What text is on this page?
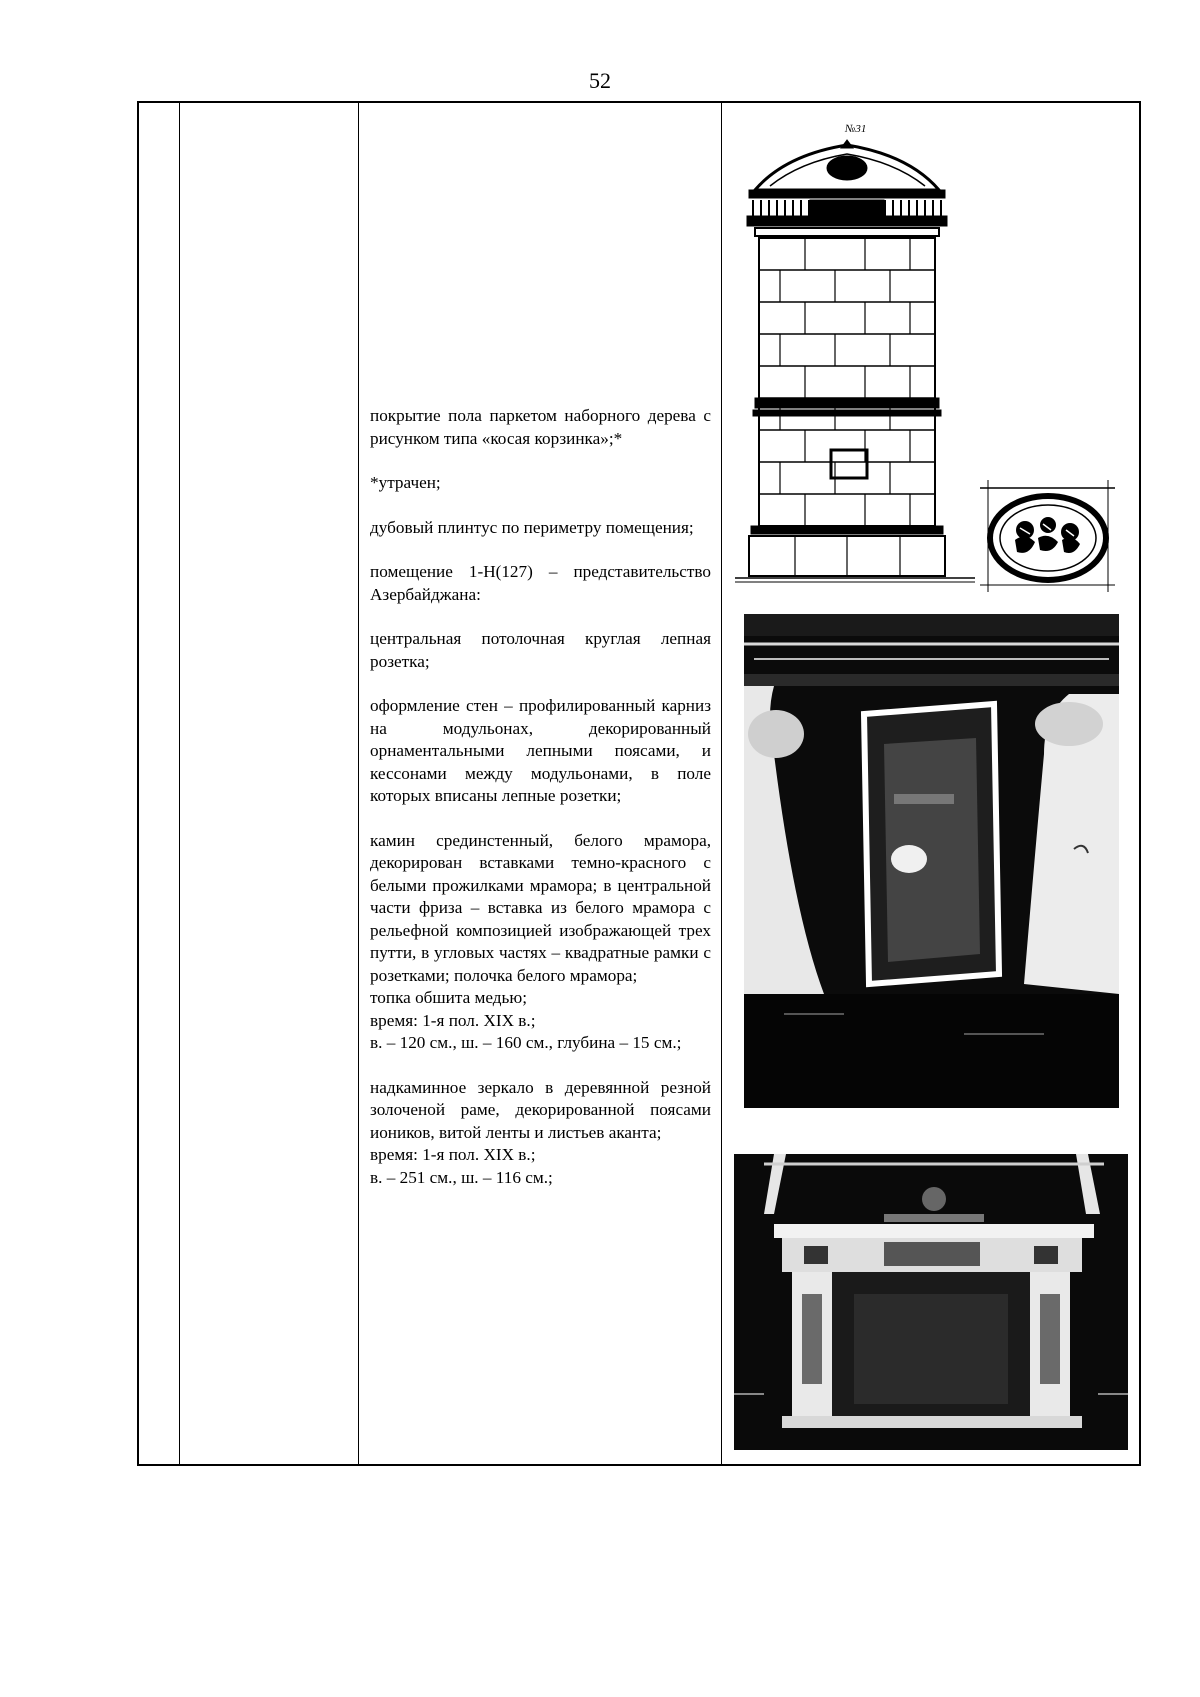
52

покрытие пола паркетом наборного дерева с рисунком типа «косая корзинка»;*

*утрачен;

дубовый плинтус по периметру помещения;

помещение 1-Н(127) – представительство Азербайджана:

центральная потолочная круглая лепная розетка;

оформление стен – профилированный карниз на модульонах, декорированный орнаментальными лепными поясами, и кессонами между модульонами, в поле которых вписаны лепные розетки;

камин срединстенный, белого мрамора, декорирован вставками темно-красного с белыми прожилками мрамора; в центральной части фриза – вставка из белого мрамора с рельефной композицией изображающей трех путти, в угловых частях – квадратные рамки с розетками; полочка белого мрамора;

топка обшита медью;

время: 1-я пол. XIX в.;

в. – 120 см., ш. – 160 см., глубина – 15 см.;

надкаминное зеркало в деревянной резной золоченой раме, декорированной поясами иоников, витой ленты и листьев аканта;

время: 1-я пол. XIX в.;

в. – 251 см., ш. – 116 см.;

№31
